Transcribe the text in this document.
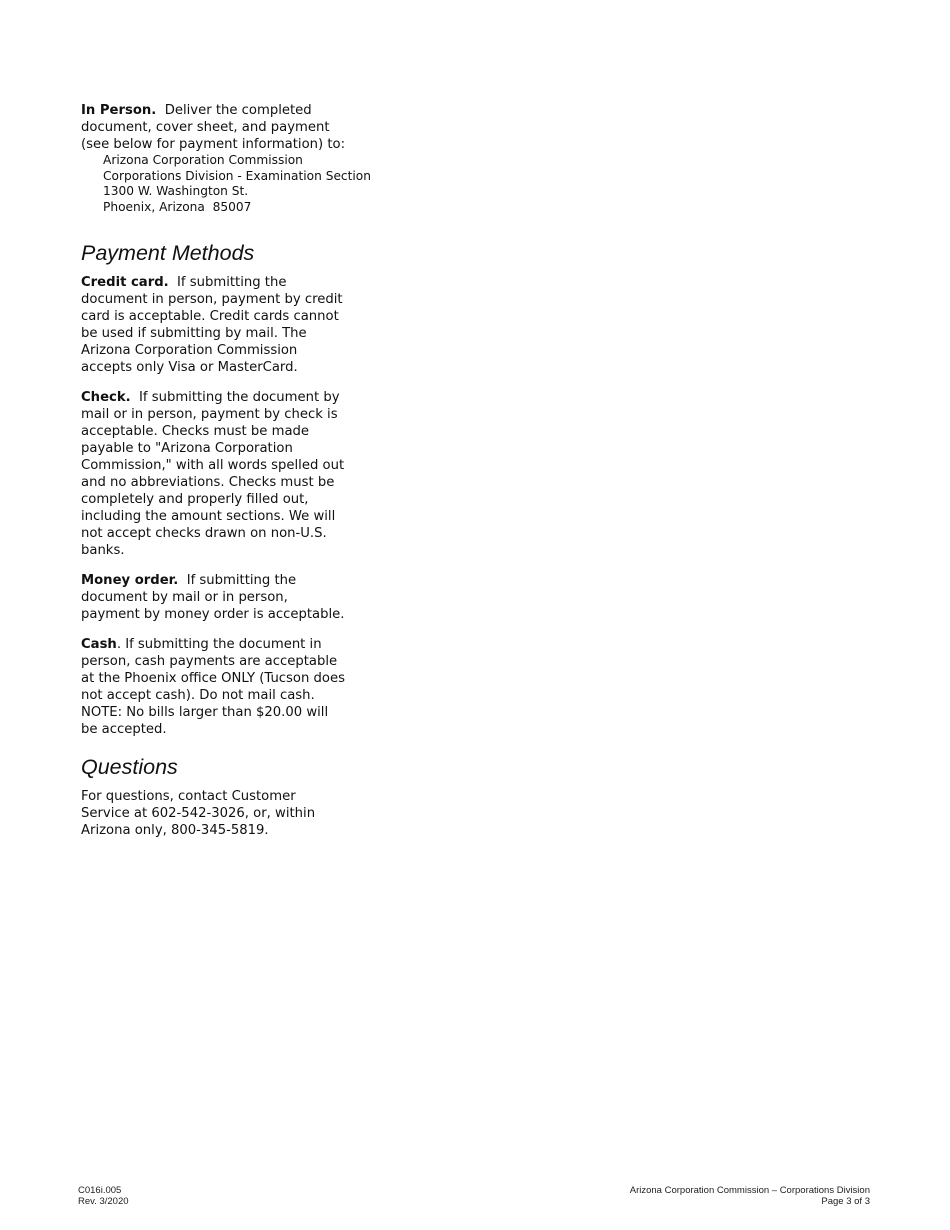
In Person. Deliver the completed document, cover sheet, and payment (see below for payment information) to:

Arizona Corporation Commission
Corporations Division - Examination Section
1300 W. Washington St.
Phoenix, Arizona  85007
Payment Methods

Credit card. If submitting the document in person, payment by credit card is acceptable. Credit cards cannot be used if submitting by mail. The Arizona Corporation Commission accepts only Visa or MasterCard.

Check. If submitting the document by mail or in person, payment by check is acceptable. Checks must be made payable to "Arizona Corporation Commission," with all words spelled out and no abbreviations. Checks must be completely and properly filled out, including the amount sections. We will not accept checks drawn on non-U.S. banks.

Money order. If submitting the document by mail or in person, payment by money order is acceptable.

Cash. If submitting the document in person, cash payments are acceptable at the Phoenix office ONLY (Tucson does not accept cash). Do not mail cash. NOTE: No bills larger than $20.00 will be accepted.

Questions

For questions, contact Customer Service at 602-542-3026, or, within Arizona only, 800-345-5819.

C016i.005
Rev. 3/2020
Arizona Corporation Commission – Corporations Division
Page 3 of 3
